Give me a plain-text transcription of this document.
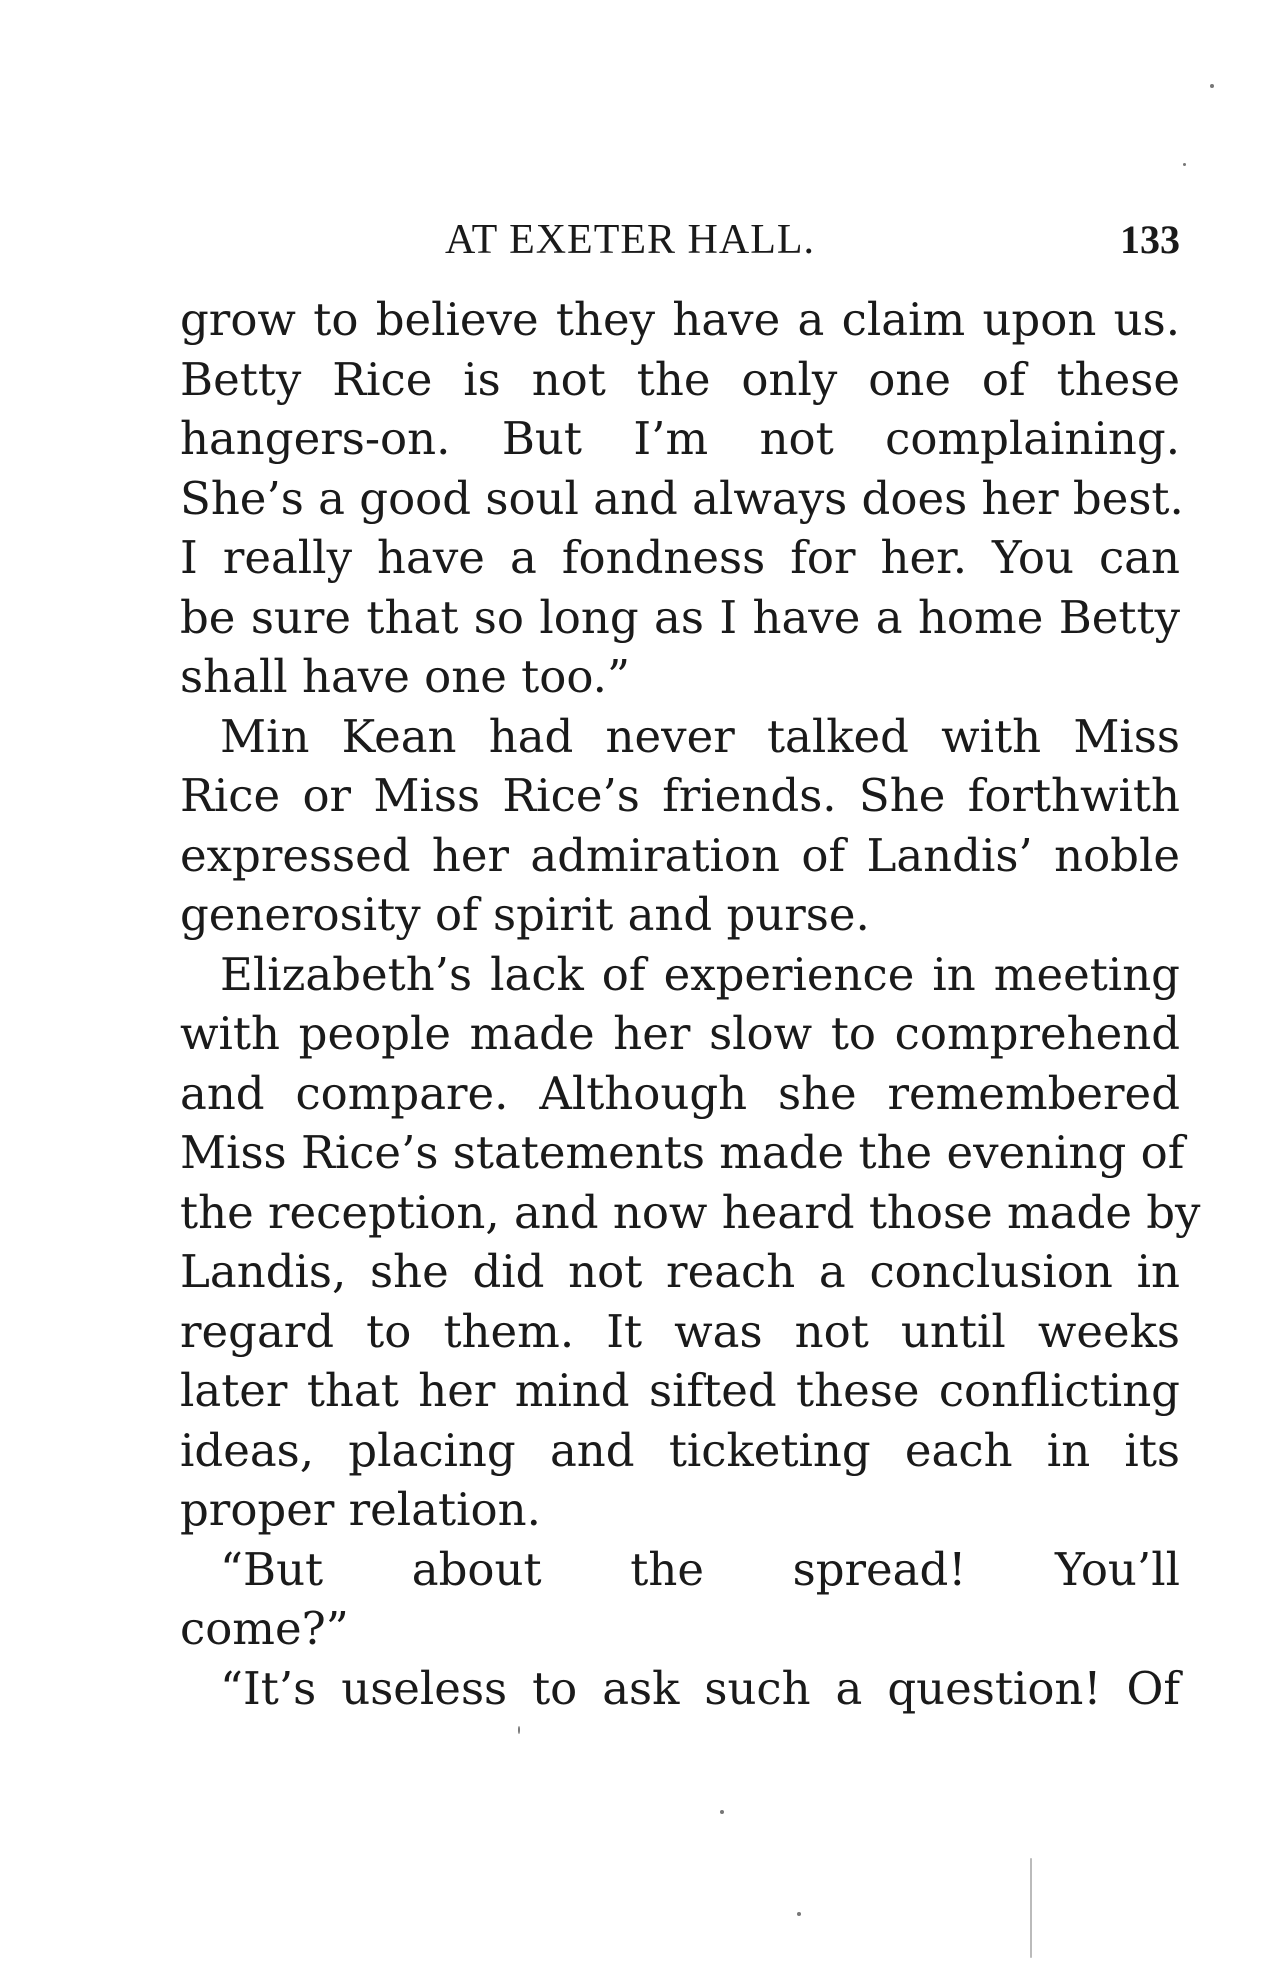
AT EXETER HALL.	133
grow to believe they have a claim upon us.
Betty Rice is not the only one of these
hangers-on. But I’m not complaining.
She’s a good soul and always does her best.
I really have a fondness for her. You can
be sure that so long as I have a home Betty
shall have one too.”
Min Kean had never talked with Miss
Rice or Miss Rice’s friends. She forthwith
expressed her admiration of Landis’ noble
generosity of spirit and purse.
Elizabeth’s lack of experience in meeting
with people made her slow to comprehend
and compare. Although she remembered
Miss Rice’s statements made the evening of
the reception, and now heard those made by
Landis, she did not reach a conclusion in
regard to them. It was not until weeks
later that her mind sifted these conflicting
ideas, placing and ticketing each in its
proper relation.
“But about the spread! You’ll
come?”
“It’s useless to ask such a question! Of
